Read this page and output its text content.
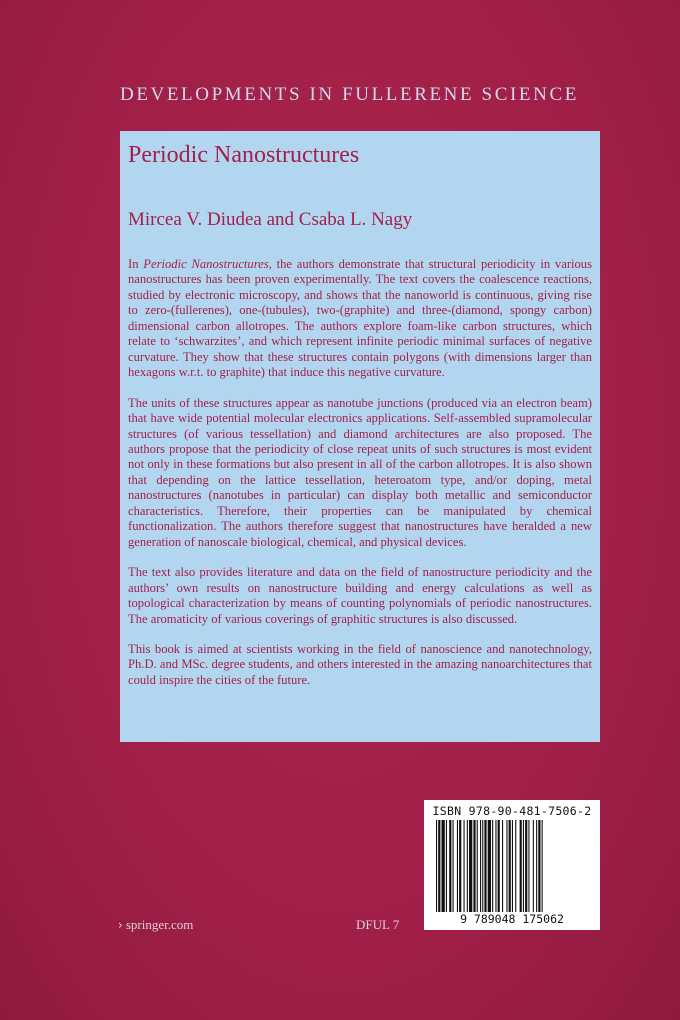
DEVELOPMENTS IN FULLERENE SCIENCE
Periodic Nanostructures
Mircea V. Diudea and Csaba L. Nagy

In Periodic Nanostructures, the authors demonstrate that structural periodicity in various nanostructures has been proven experimentally. The text covers the coalescence reactions, studied by electronic microscopy, and shows that the nanoworld is continuous, giving rise to zero-(fullerenes), one-(tubules), two-(graphite) and three-(diamond, spongy carbon) dimensional carbon allotropes. The authors explore foam-like carbon structures, which relate to ‘schwarzites’, and which represent infinite periodic minimal surfaces of negative curvature. They show that these structures contain polygons (with dimensions larger than hexagons w.r.t. to graphite) that induce this negative curvature.

The units of these structures appear as nanotube junctions (produced via an electron beam) that have wide potential molecular electronics applications. Self-assembled supramolecular structures (of various tessellation) and diamond architectures are also proposed. The authors propose that the periodicity of close repeat units of such structures is most evident not only in these formations but also present in all of the carbon allotropes. It is also shown that depending on the lattice tessellation, heteroatom type, and/or doping, metal nanostructures (nanotubes in particular) can display both metallic and semiconductor characteristics. Therefore, their properties can be manipulated by chemical functionalization. The authors therefore suggest that nanostructures have heralded a new generation of nanoscale biological, chemical, and physical devices.

The text also provides literature and data on the field of nanostructure periodicity and the authors’ own results on nanostructure building and energy calculations as well as topological characterization by means of counting polynomials of periodic nanostructures. The aromaticity of various coverings of graphitic structures is also discussed.

This book is aimed at scientists working in the field of nanoscience and nanotechnology, Ph.D. and MSc. degree students, and others interested in the amazing nanoarchitectures that could inspire the cities of the future.

ISBN 978-90-481-7506-2
9 789048 175062
› springer.com	DFUL 7
